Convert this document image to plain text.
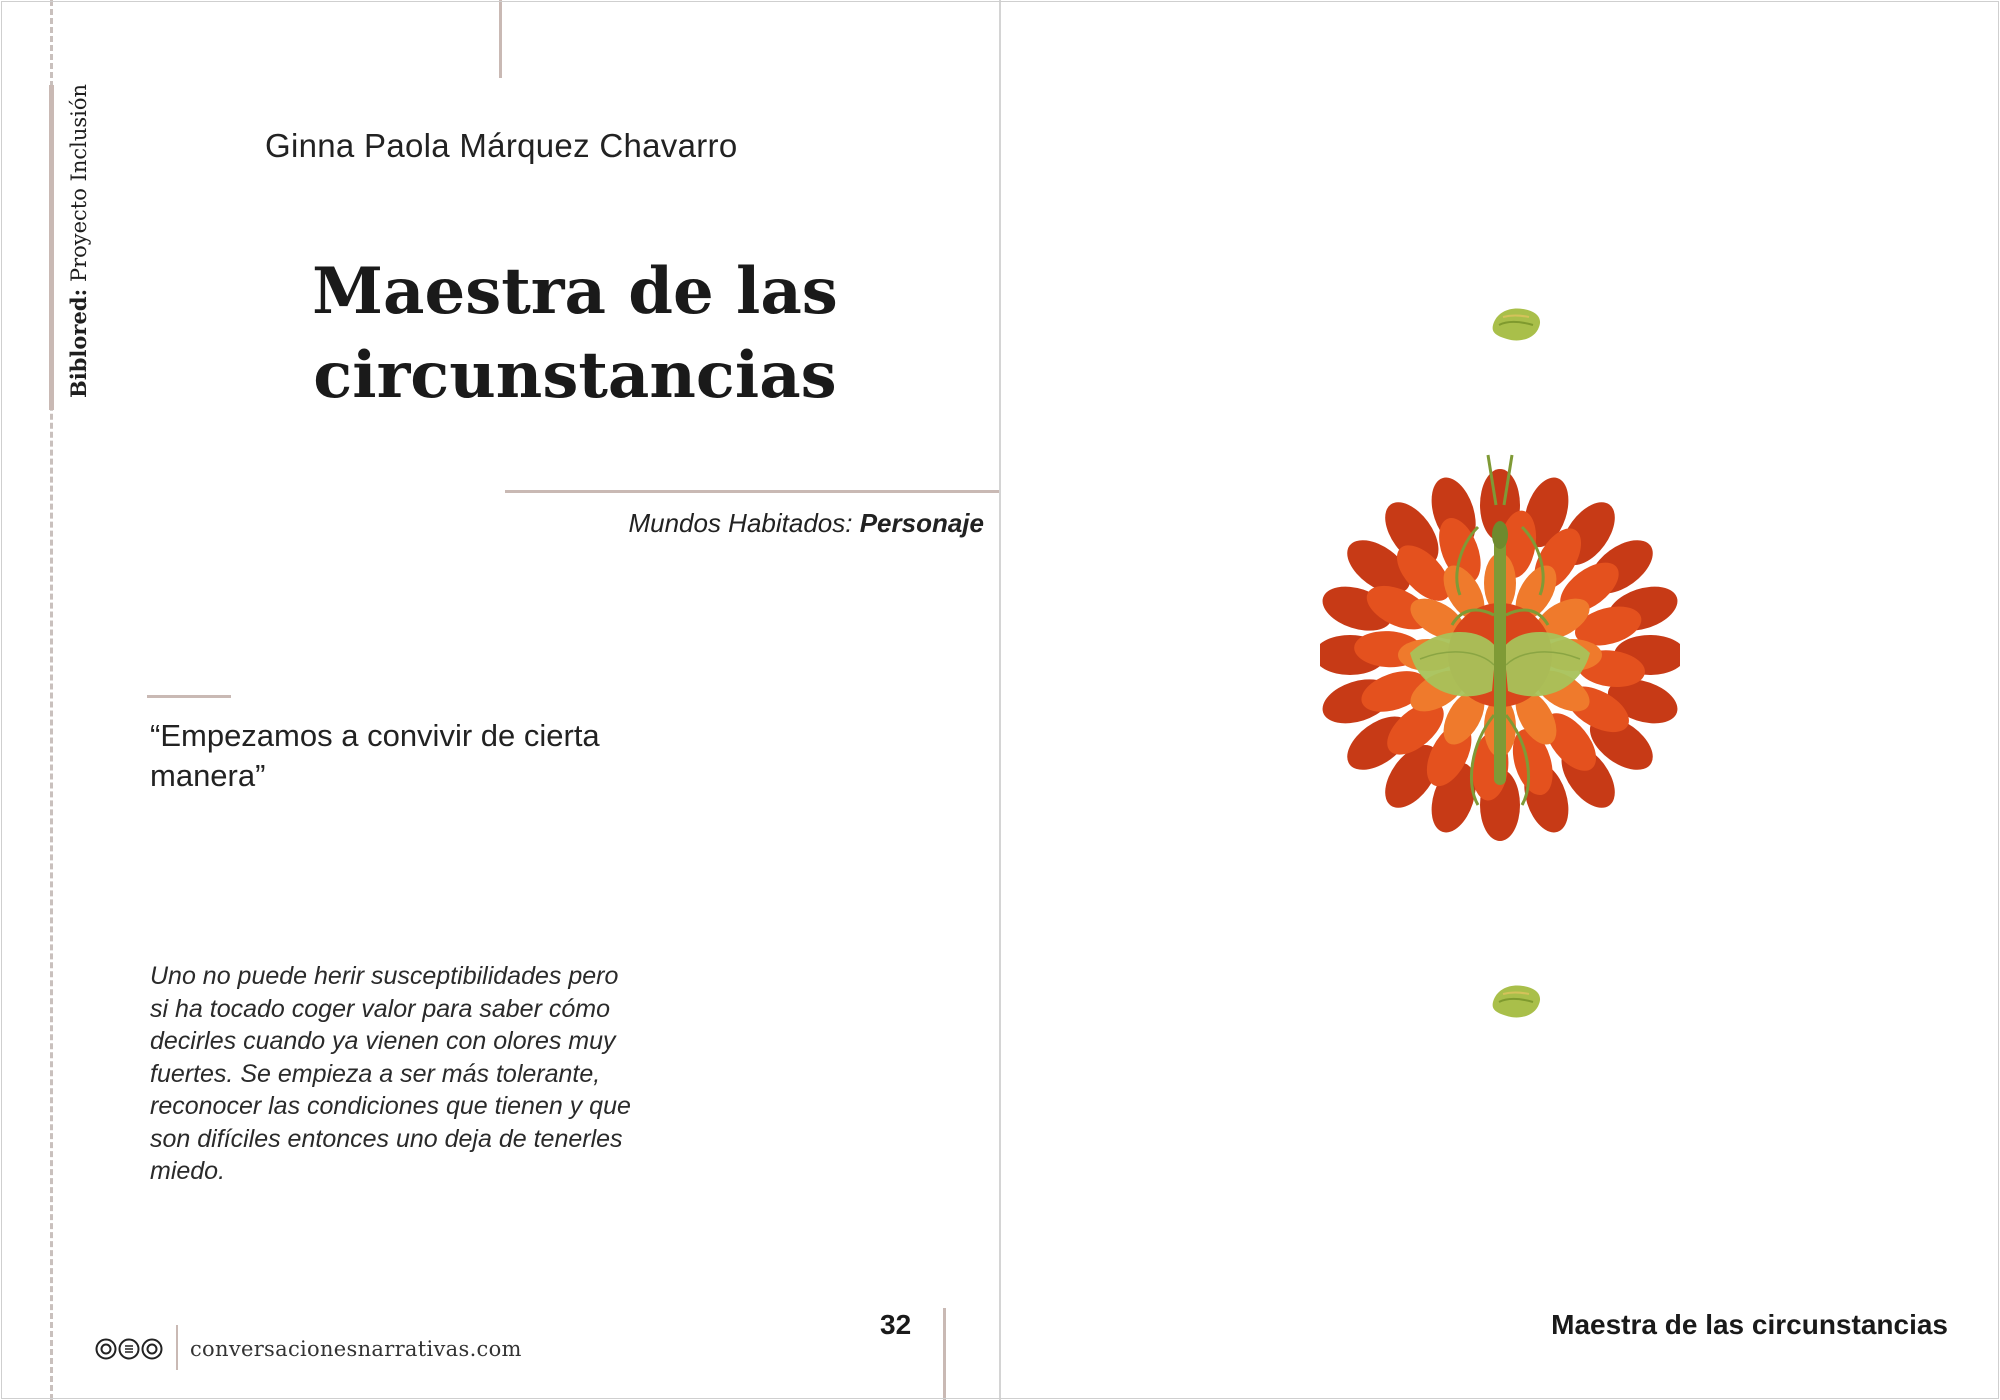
Biblored: Proyecto Inclusión	Ginna Paola Márquez Chavarro
Maestra de las
circunstancias
Mundos Habitados: Personaje

“Empezamos a convivir de cierta manera”

Uno no puede herir susceptibilidades pero si ha tocado coger valor para saber cómo decirles cuando ya vienen con olores muy fuertes. Se empieza a ser más tolerante, reconocer las condiciones que tienen y que son difíciles entonces uno deja de tenerles miedo.

conversacionesnarrativas.com
32	Maestra de las circunstancias
